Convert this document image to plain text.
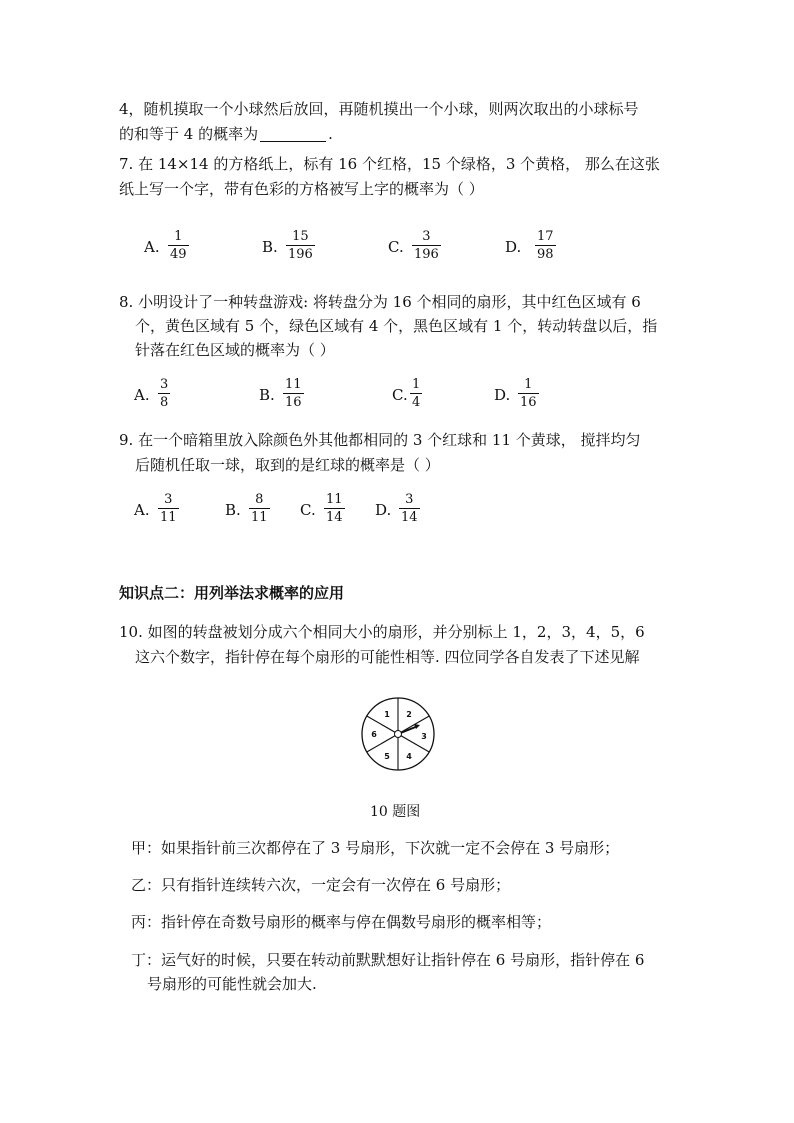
4，随机摸取一个小球然后放回，再随机摸出一个小球，则两次取出的小球标号
的和等于 4 的概率为	.
7. 在 14×14 的方格纸上，标有 16 个红格，15 个绿格，3 个黄格， 那么在这张
纸上写一个字，带有色彩的方格被写上字的概率为（ ）
A.
1
49	B.
15
196	C.
3
196	D.
17
98
8. 小明设计了一种转盘游戏: 将转盘分为 16 个相同的扇形，其中红色区域有 6
个，黄色区域有 5 个，绿色区域有 4 个，黑色区域有 1 个，转动转盘以后，指
针落在红色区域的概率为（ ）
A.
3
8	B.
11
16	C.
1
4	D.
1
16
9. 在一个暗箱里放入除颜色外其他都相同的 3 个红球和 11 个黄球， 搅拌均匀
后随机任取一球，取到的是红球的概率是（ ）
A.
3
11	B.
8
11 C.
11
14 D.
3
14
知识点二：用列举法求概率的应用
10. 如图的转盘被划分成六个相同大小的扇形，并分别标上 1，2，3，4，5，6
这六个数字，指针停在每个扇形的可能性相等. 四位同学各自发表了下述见解
1 2
3
4
5
6
10 题图
甲：如果指针前三次都停在了 3 号扇形，下次就一定不会停在 3 号扇形；
乙：只有指针连续转六次，一定会有一次停在 6 号扇形；
丙：指针停在奇数号扇形的概率与停在偶数号扇形的概率相等；
丁：运气好的时候，只要在转动前默默想好让指针停在 6 号扇形，指针停在 6
号扇形的可能性就会加大.
